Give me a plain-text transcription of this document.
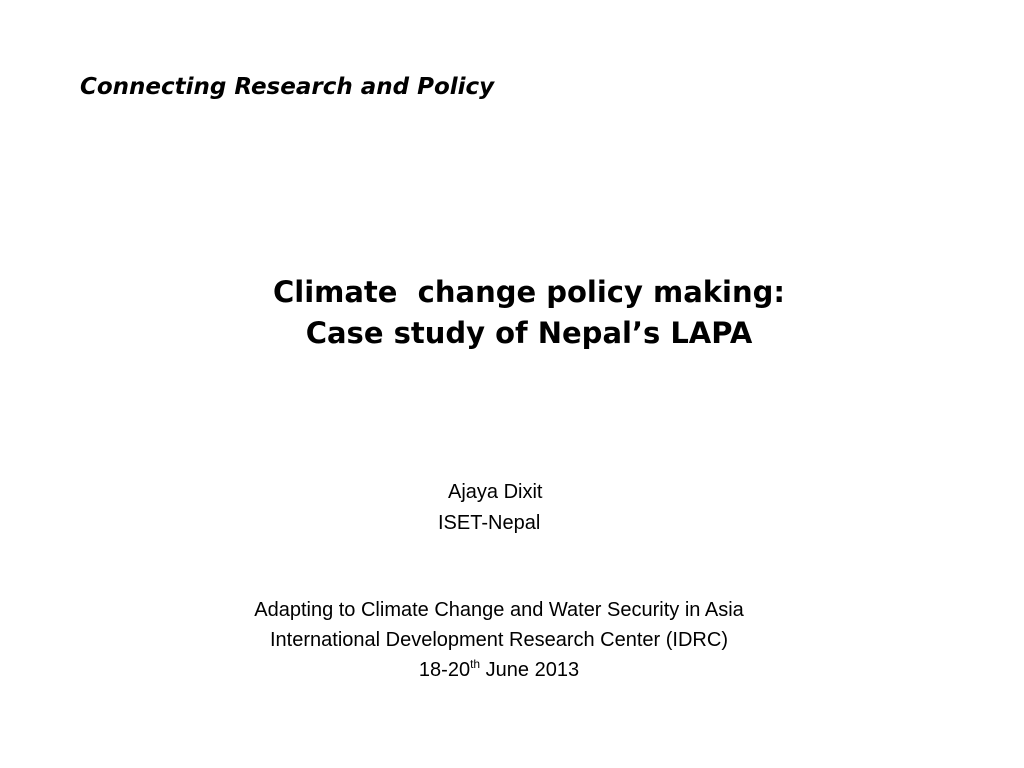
Connecting Research and Policy
Climate  change policy making:
Case study of Nepal’s LAPA
Ajaya Dixit
ISET-Nepal
Adapting to Climate Change and Water Security in Asia
International Development Research Center (IDRC)
18-20th June 2013
